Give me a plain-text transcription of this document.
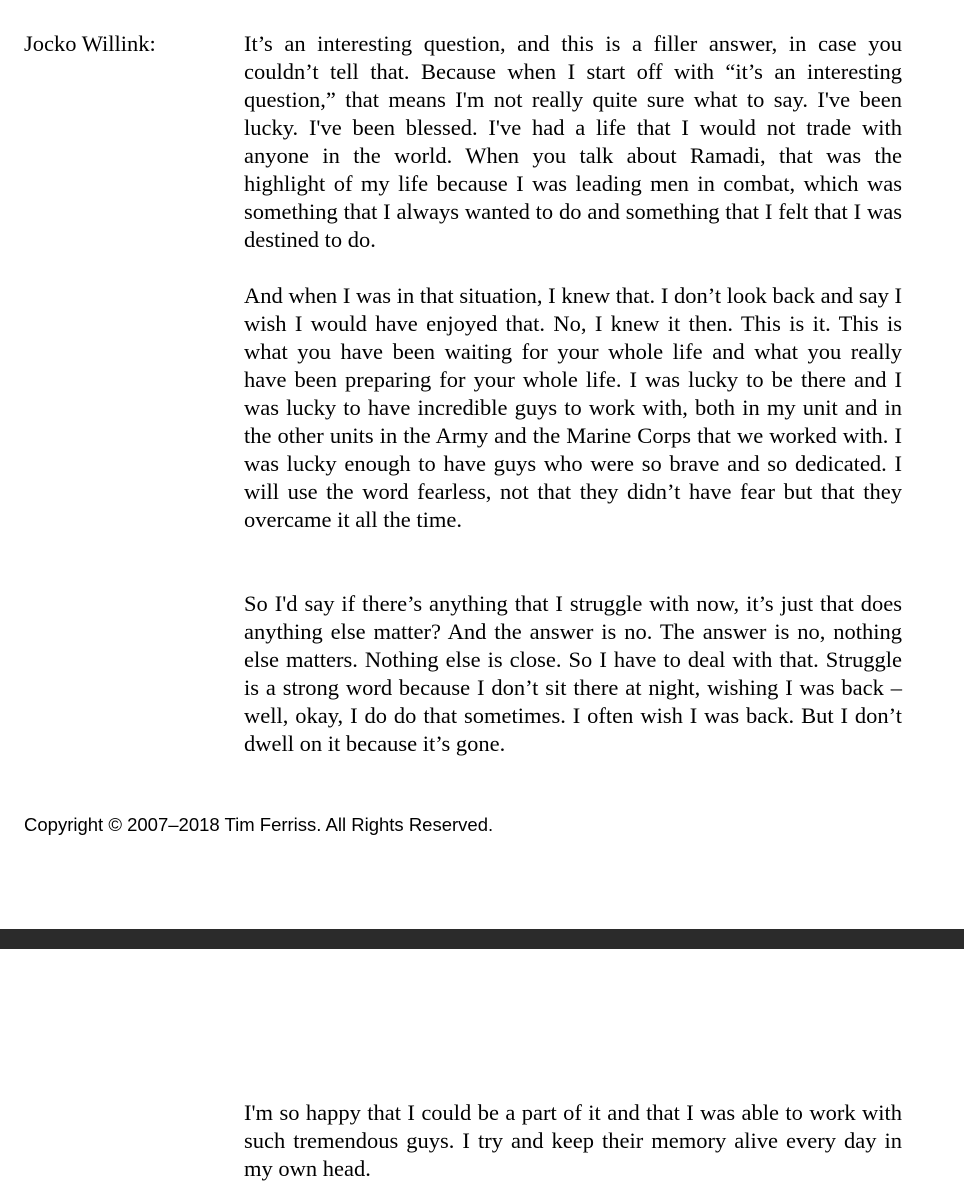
Jocko Willink:	It’s an interesting question, and this is a filler answer, in case you couldn’t tell that. Because when I start off with “it’s an interesting question,” that means I'm not really quite sure what to say. I've been lucky. I've been blessed. I've had a life that I would not trade with anyone in the world. When you talk about Ramadi, that was the highlight of my life because I was leading men in combat, which was something that I always wanted to do and something that I felt that I was destined to do.

And when I was in that situation, I knew that. I don’t look back and say I wish I would have enjoyed that. No, I knew it then. This is it. This is what you have been waiting for your whole life and what you really have been preparing for your whole life. I was lucky to be there and I was lucky to have incredible guys to work with, both in my unit and in the other units in the Army and the Marine Corps that we worked with. I was lucky enough to have guys who were so brave and so dedicated. I will use the word fearless, not that they didn’t have fear but that they overcame it all the time.

So I'd say if there’s anything that I struggle with now, it’s just that does anything else matter? And the answer is no. The answer is no, nothing else matters. Nothing else is close. So I have to deal with that. Struggle is a strong word because I don’t sit there at night, wishing I was back – well, okay, I do do that sometimes. I often wish I was back. But I don’t dwell on it because it’s gone.

Copyright © 2007–2018 Tim Ferriss. All Rights Reserved.

I'm so happy that I could be a part of it and that I was able to work with such tremendous guys. I try and keep their memory alive every day in my own head.
